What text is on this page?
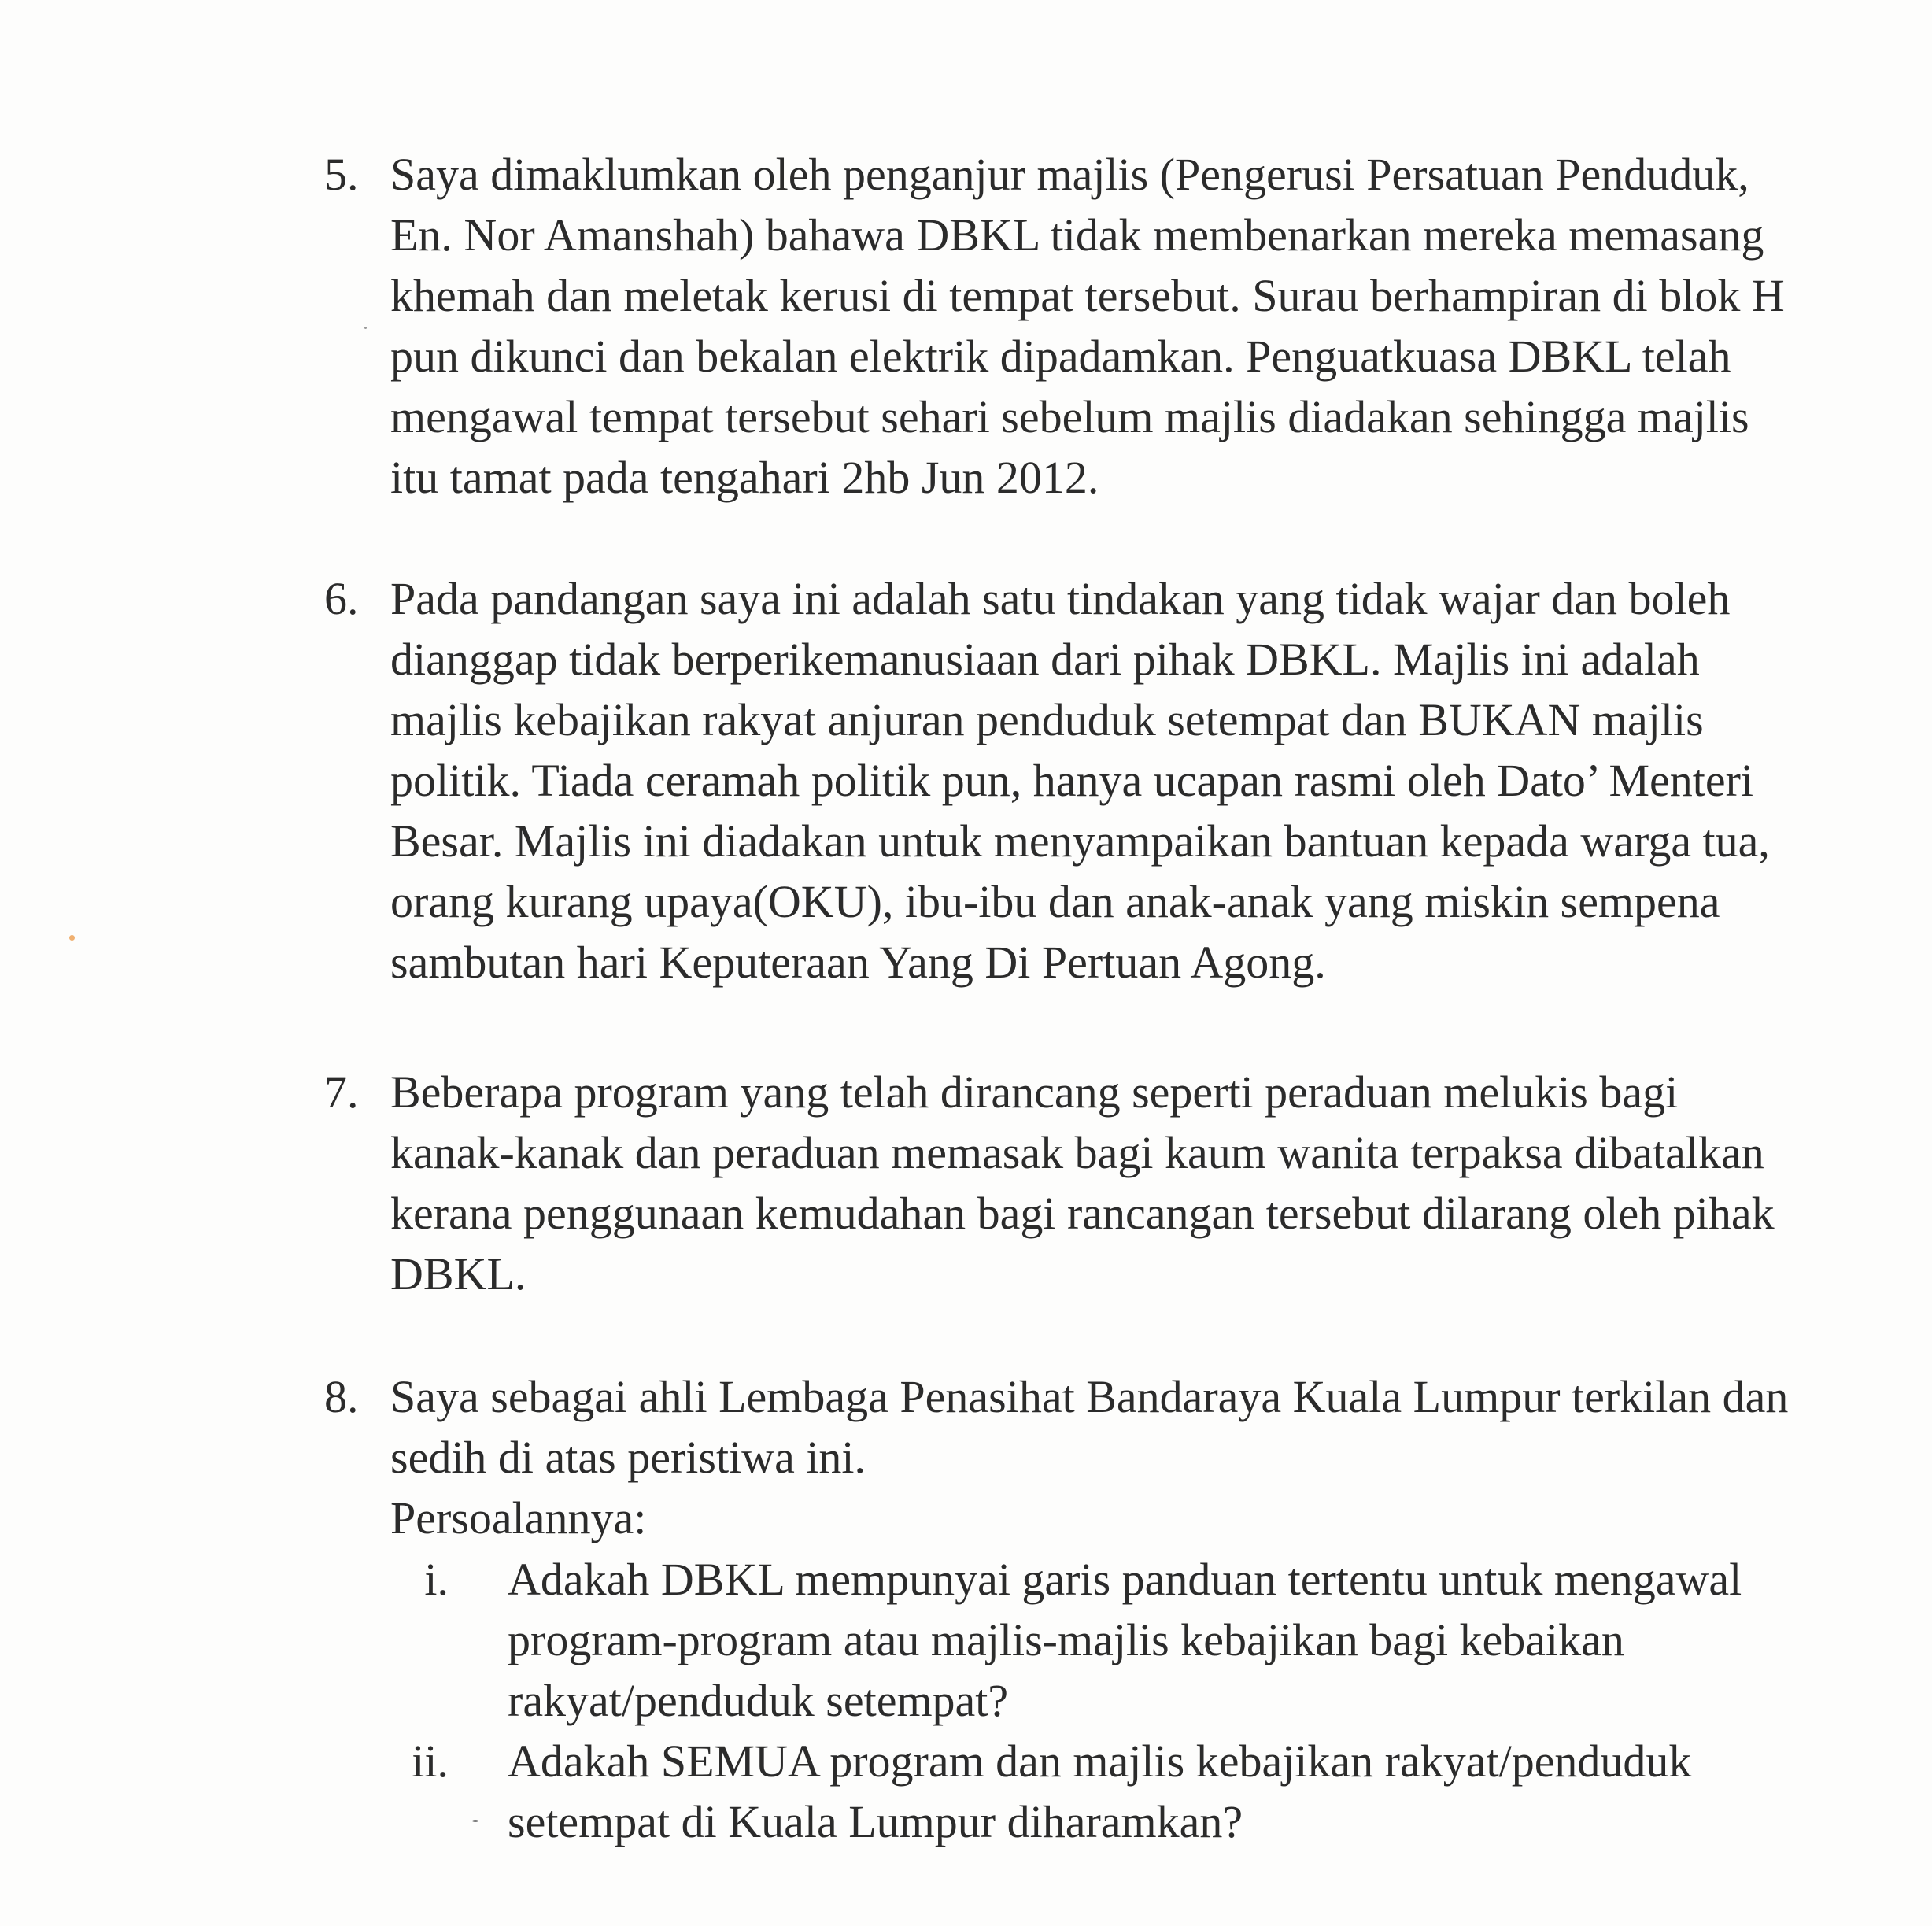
5. Saya dimaklumkan oleh penganjur majlis (Pengerusi Persatuan Penduduk,
En. Nor Amanshah) bahawa DBKL tidak membenarkan mereka memasang
khemah dan meletak kerusi di tempat tersebut. Surau berhampiran di blok H
pun dikunci dan bekalan elektrik dipadamkan. Penguatkuasa DBKL telah
mengawal tempat tersebut sehari sebelum majlis diadakan sehingga majlis
itu tamat pada tengahari 2hb Jun 2012.
6. Pada pandangan saya ini adalah satu tindakan yang tidak wajar dan boleh
dianggap tidak berperikemanusiaan dari pihak DBKL. Majlis ini adalah
majlis kebajikan rakyat anjuran penduduk setempat dan BUKAN majlis
politik. Tiada ceramah politik pun, hanya ucapan rasmi oleh Dato’ Menteri
Besar. Majlis ini diadakan untuk menyampaikan bantuan kepada warga tua,
orang kurang upaya(OKU), ibu-ibu dan anak-anak yang miskin sempena
sambutan hari Keputeraan Yang Di Pertuan Agong.
7. Beberapa program yang telah dirancang seperti peraduan melukis bagi
kanak-kanak dan peraduan memasak bagi kaum wanita terpaksa dibatalkan
kerana penggunaan kemudahan bagi rancangan tersebut dilarang oleh pihak
DBKL.
8. Saya sebagai ahli Lembaga Penasihat Bandaraya Kuala Lumpur terkilan dan
sedih di atas peristiwa ini.
Persoalannya:
i. Adakah DBKL mempunyai garis panduan tertentu untuk mengawal
program-program atau majlis-majlis kebajikan bagi kebaikan
rakyat/penduduk setempat?
ii. Adakah SEMUA program dan majlis kebajikan rakyat/penduduk
setempat di Kuala Lumpur diharamkan?
